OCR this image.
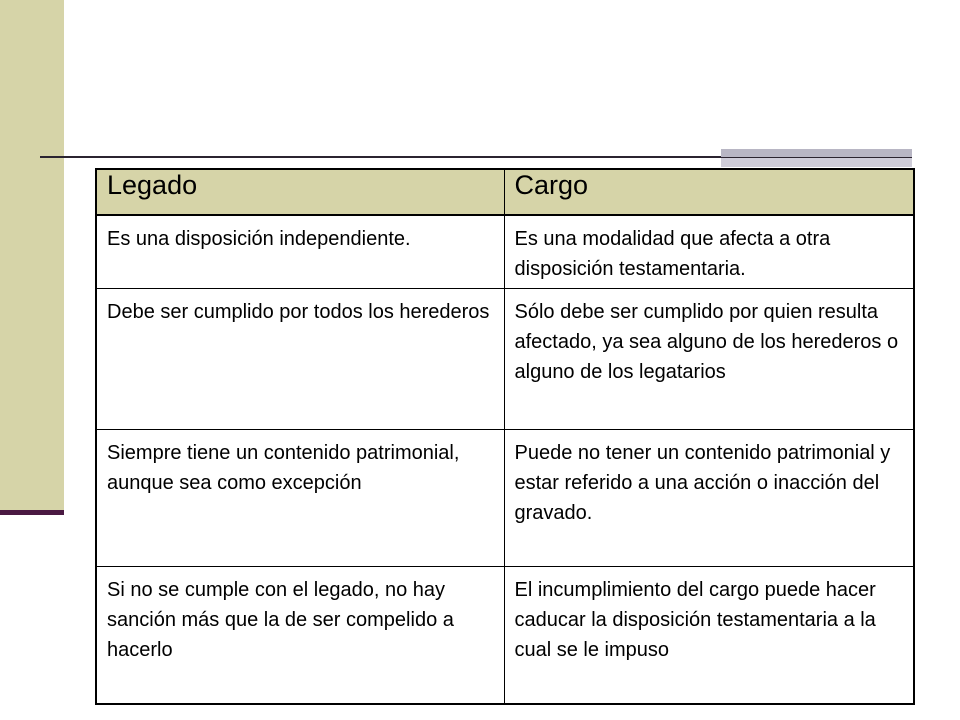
Legado	Cargo
Es una disposición independiente.	Es una modalidad que afecta a otra disposición testamentaria.
Debe ser cumplido por todos los herederos	Sólo debe ser cumplido por quien resulta afectado, ya sea alguno de los herederos o alguno de los legatarios
Siempre tiene un contenido patrimonial, aunque sea como excepción	Puede no tener un contenido patrimonial y estar referido a una acción o inacción del gravado.
Si no se cumple con el legado, no hay sanción más que la de ser compelido a hacerlo	El incumplimiento del cargo puede hacer caducar la disposición testamentaria a la cual se le impuso
